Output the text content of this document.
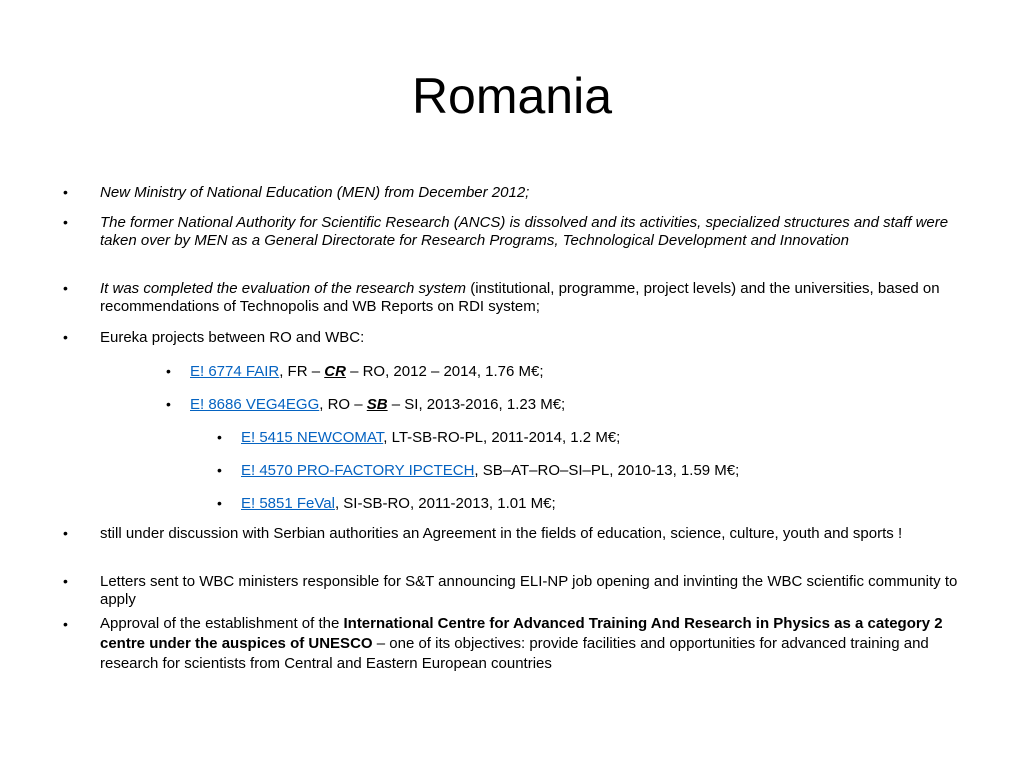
Romania
• New Ministry of National Education (MEN) from December 2012;
• The former National Authority for Scientific Research (ANCS) is dissolved and its activities, specialized structures and staff were taken over by MEN as a General Directorate for Research Programs, Technological Development and Innovation
• It was completed the evaluation of the research system (institutional, programme, project levels) and the universities, based on recommendations of Technopolis and WB Reports on RDI system;
• Eureka projects between RO and WBC:
• E! 6774 FAIR, FR – CR – RO, 2012 – 2014, 1.76 M€;
• E! 8686 VEG4EGG, RO – SB – SI, 2013-2016, 1.23 M€;
• E! 5415 NEWCOMAT, LT-SB-RO-PL, 2011-2014, 1.2 M€;
• E! 4570 PRO-FACTORY IPCTECH, SB–AT–RO–SI–PL, 2010-13, 1.59 M€;
• E! 5851 FeVal, SI-SB-RO, 2011-2013, 1.01 M€;
• still under discussion with Serbian authorities an Agreement in the fields of education, science, culture, youth and sports !
• Letters sent to WBC ministers responsible for S&T announcing ELI-NP job opening and invinting the WBC scientific community to apply
• Approval of the establishment of the International Centre for Advanced Training And Research in Physics as a category 2 centre under the auspices of UNESCO – one of its objectives: provide facilities and opportunities for advanced training and research for scientists from Central and Eastern European countries
